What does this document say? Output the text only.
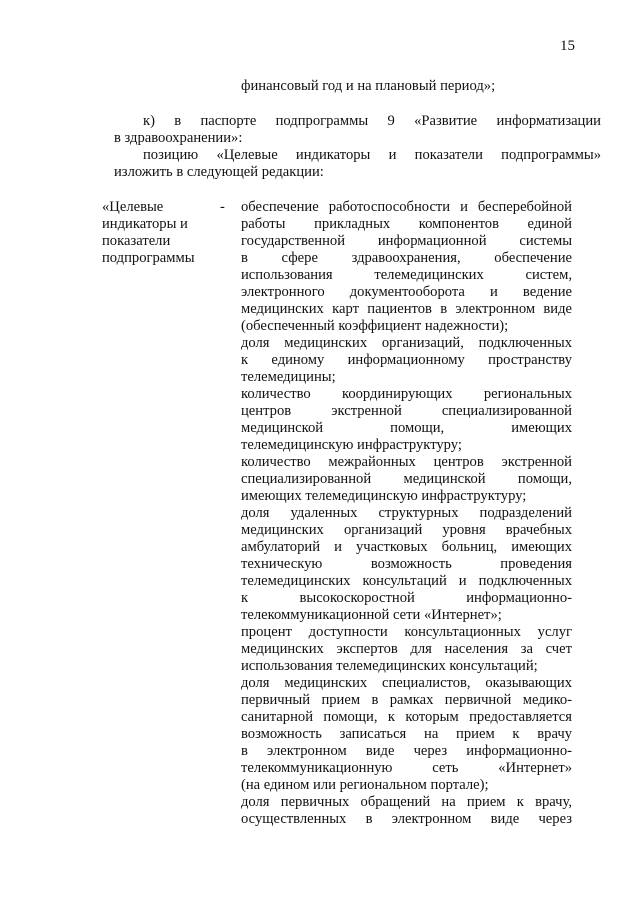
15
финансовый год и на плановый период»;
к) в паспорте подпрограммы 9 «Развитие информатизации
в здравоохранении»:
позицию «Целевые индикаторы и показатели подпрограммы»
изложить в следующей редакции:
«Целевые
индикаторы и
показатели
подпрограммы
- обеспечение работоспособности и бесперебойной
работы прикладных компонентов единой
государственной информационной системы
в сфере здравоохранения, обеспечение
использования телемедицинских систем,
электронного документооборота и ведение
медицинских карт пациентов в электронном виде
(обеспеченный коэффициент надежности);
доля медицинских организаций, подключенных
к единому информационному пространству
телемедицины;
количество координирующих региональных
центров экстренной специализированной
медицинской помощи, имеющих
телемедицинскую инфраструктуру;
количество межрайонных центров экстренной
специализированной медицинской помощи,
имеющих телемедицинскую инфраструктуру;
доля удаленных структурных подразделений
медицинских организаций уровня врачебных
амбулаторий и участковых больниц, имеющих
техническую возможность проведения
телемедицинских консультаций и подключенных
к высокоскоростной информационно-
телекоммуникационной сети «Интернет»;
процент доступности консультационных услуг
медицинских экспертов для населения за счет
использования телемедицинских консультаций;
доля медицинских специалистов, оказывающих
первичный прием в рамках первичной медико-
санитарной помощи, к которым предоставляется
возможность записаться на прием к врачу
в электронном виде через информационно-
телекоммуникационную сеть «Интернет»
(на едином или региональном портале);
доля первичных обращений на прием к врачу,
осуществленных в электронном виде через
